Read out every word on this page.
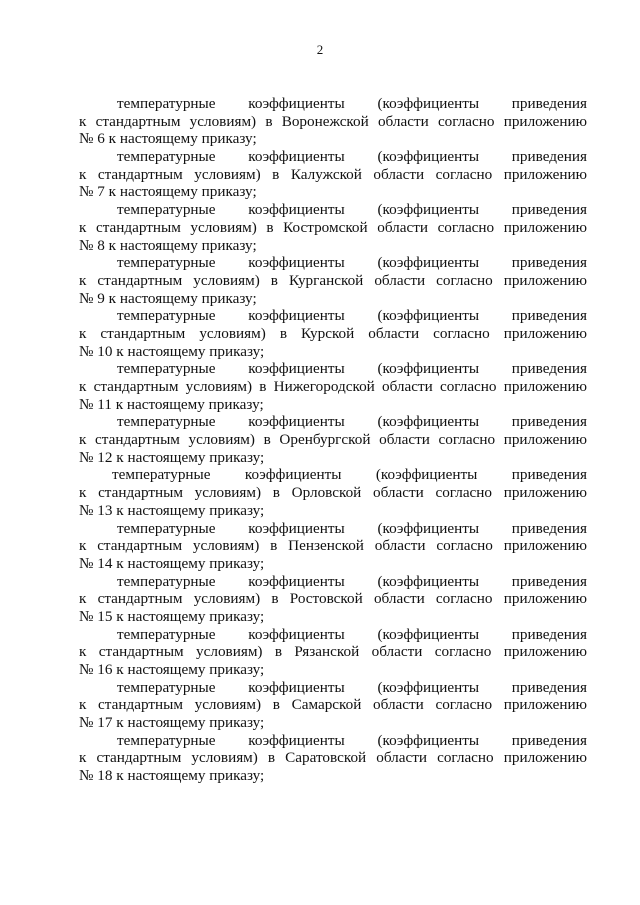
2
температурные коэффициенты (коэффициенты приведения
к стандартным условиям) в Воронежской области согласно приложению
№ 6 к настоящему приказу;
температурные коэффициенты (коэффициенты приведения
к стандартным условиям) в Калужской области согласно приложению
№ 7 к настоящему приказу;
температурные коэффициенты (коэффициенты приведения
к стандартным условиям) в Костромской области согласно приложению
№ 8 к настоящему приказу;
температурные коэффициенты (коэффициенты приведения
к стандартным условиям) в Курганской области согласно приложению
№ 9 к настоящему приказу;
температурные коэффициенты (коэффициенты приведения
к стандартным условиям) в Курской области согласно приложению
№ 10 к настоящему приказу;
температурные коэффициенты (коэффициенты приведения
к стандартным условиям) в Нижегородской области согласно приложению
№ 11 к настоящему приказу;
температурные коэффициенты (коэффициенты приведения
к стандартным условиям) в Оренбургской области согласно приложению
№ 12 к настоящему приказу;
температурные коэффициенты (коэффициенты приведения
к стандартным условиям) в Орловской области согласно приложению
№ 13 к настоящему приказу;
температурные коэффициенты (коэффициенты приведения
к стандартным условиям) в Пензенской области согласно приложению
№ 14 к настоящему приказу;
температурные коэффициенты (коэффициенты приведения
к стандартным условиям) в Ростовской области согласно приложению
№ 15 к настоящему приказу;
температурные коэффициенты (коэффициенты приведения
к стандартным условиям) в Рязанской области согласно приложению
№ 16 к настоящему приказу;
температурные коэффициенты (коэффициенты приведения
к стандартным условиям) в Самарской области согласно приложению
№ 17 к настоящему приказу;
температурные коэффициенты (коэффициенты приведения
к стандартным условиям) в Саратовской области согласно приложению
№ 18 к настоящему приказу;
